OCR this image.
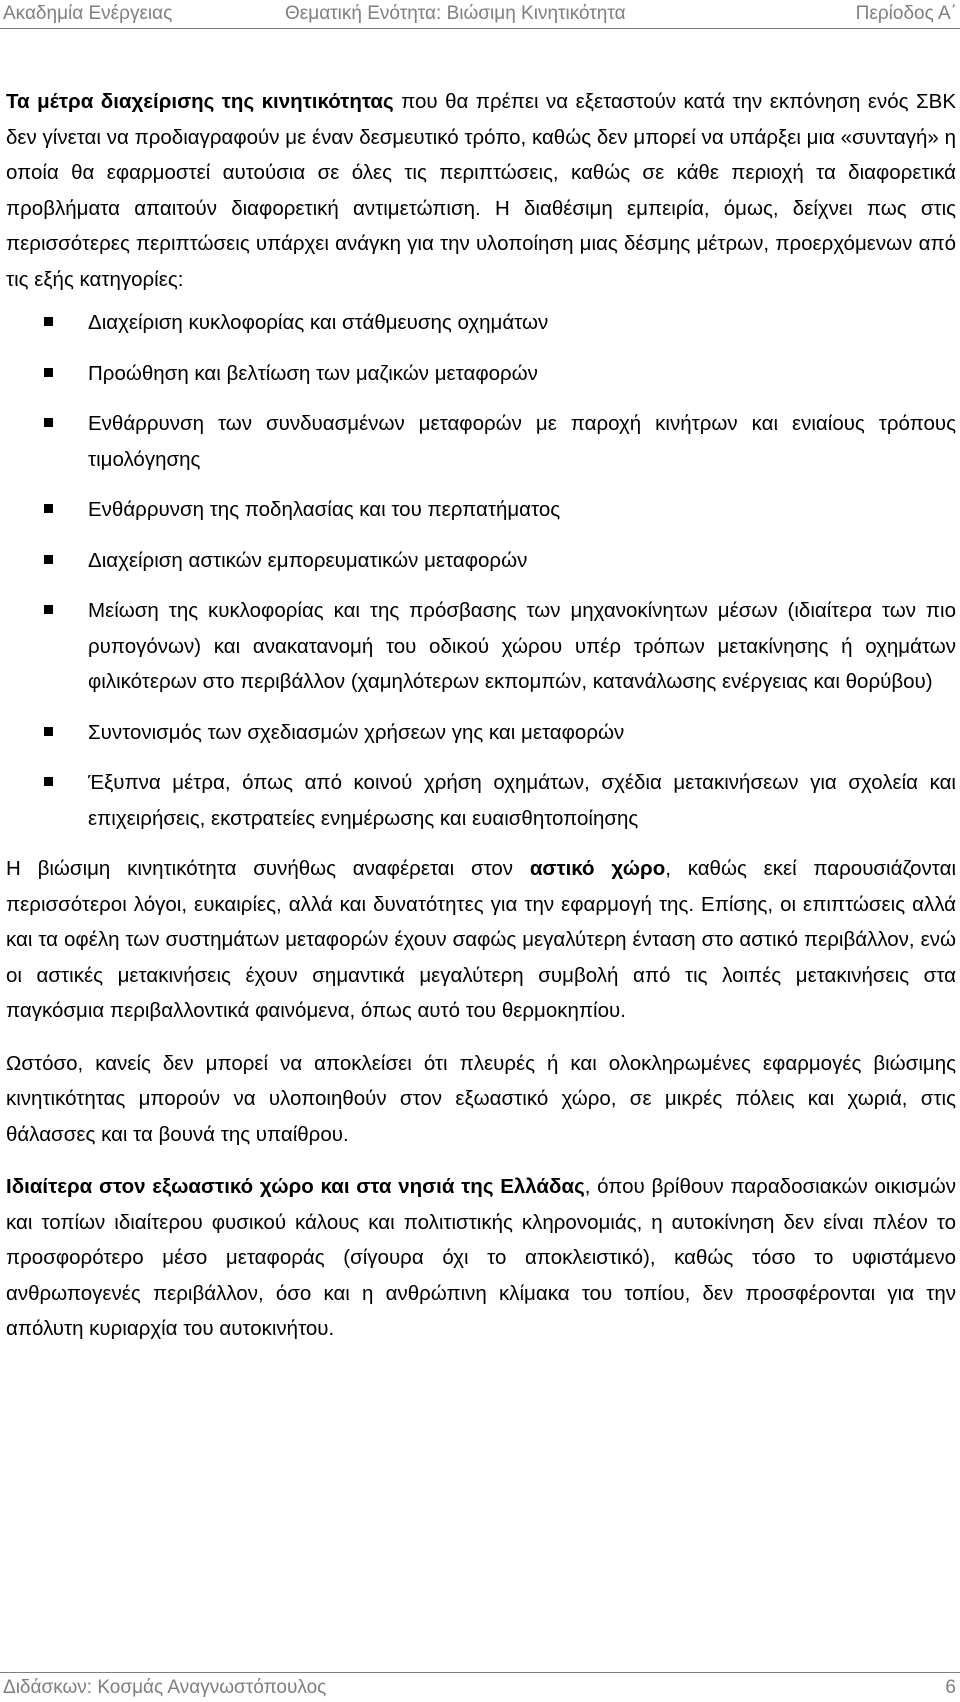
Ακαδημία Ενέργειας	Θεματική Ενότητα: Βιώσιμη Κινητικότητα	Περίοδος Α΄

Τα μέτρα διαχείρισης της κινητικότητας που θα πρέπει να εξεταστούν κατά την εκπόνηση ενός ΣΒΚ δεν γίνεται να προδιαγραφούν με έναν δεσμευτικό τρόπο, καθώς δεν μπορεί να υπάρξει μια «συνταγή» η οποία θα εφαρμοστεί αυτούσια σε όλες τις περιπτώσεις, καθώς σε κάθε περιοχή τα διαφορετικά προβλήματα απαιτούν διαφορετική αντιμετώπιση. Η διαθέσιμη εμπειρία, όμως, δείχνει πως στις περισσότερες περιπτώσεις υπάρχει ανάγκη για την υλοποίηση μιας δέσμης μέτρων, προερχόμενων από τις εξής κατηγορίες:

Διαχείριση κυκλοφορίας και στάθμευσης οχημάτων
Προώθηση και βελτίωση των μαζικών μεταφορών
Ενθάρρυνση των συνδυασμένων μεταφορών με παροχή κινήτρων και ενιαίους τρόπους τιμολόγησης
Ενθάρρυνση της ποδηλασίας και του περπατήματος
Διαχείριση αστικών εμπορευματικών μεταφορών
Μείωση της κυκλοφορίας και της πρόσβασης των μηχανοκίνητων μέσων (ιδιαίτερα των πιο ρυπογόνων) και ανακατανομή του οδικού χώρου υπέρ τρόπων μετακίνησης ή οχημάτων φιλικότερων στο περιβάλλον (χαμηλότερων εκπομπών, κατανάλωσης ενέργειας και θορύβου)
Συντονισμός των σχεδιασμών χρήσεων γης και μεταφορών
Έξυπνα μέτρα, όπως από κοινού χρήση οχημάτων, σχέδια μετακινήσεων για σχολεία και επιχειρήσεις, εκστρατείες ενημέρωσης και ευαισθητοποίησης

Η βιώσιμη κινητικότητα συνήθως αναφέρεται στον αστικό χώρο, καθώς εκεί παρουσιάζονται περισσότεροι λόγοι, ευκαιρίες, αλλά και δυνατότητες για την εφαρμογή της. Επίσης, οι επιπτώσεις αλλά και τα οφέλη των συστημάτων μεταφορών έχουν σαφώς μεγαλύτερη ένταση στο αστικό περιβάλλον, ενώ οι αστικές μετακινήσεις έχουν σημαντικά μεγαλύτερη συμβολή από τις λοιπές μετακινήσεις στα παγκόσμια περιβαλλοντικά φαινόμενα, όπως αυτό του θερμοκηπίου.

Ωστόσο, κανείς δεν μπορεί να αποκλείσει ότι πλευρές ή και ολοκληρωμένες εφαρμογές βιώσιμης κινητικότητας μπορούν να υλοποιηθούν στον εξωαστικό χώρο, σε μικρές πόλεις και χωριά, στις θάλασσες και τα βουνά της υπαίθρου.

Ιδιαίτερα στον εξωαστικό χώρο και στα νησιά της Ελλάδας, όπου βρίθουν παραδοσιακών οικισμών και τοπίων ιδιαίτερου φυσικού κάλους και πολιτιστικής κληρονομιάς, η αυτοκίνηση δεν είναι πλέον το προσφορότερο μέσο μεταφοράς (σίγουρα όχι το αποκλειστικό), καθώς τόσο το υφιστάμενο ανθρωπογενές περιβάλλον, όσο και η ανθρώπινη κλίμακα του τοπίου, δεν προσφέρονται για την απόλυτη κυριαρχία του αυτοκινήτου.

Διδάσκων: Κοσμάς Αναγνωστόπουλος	6
